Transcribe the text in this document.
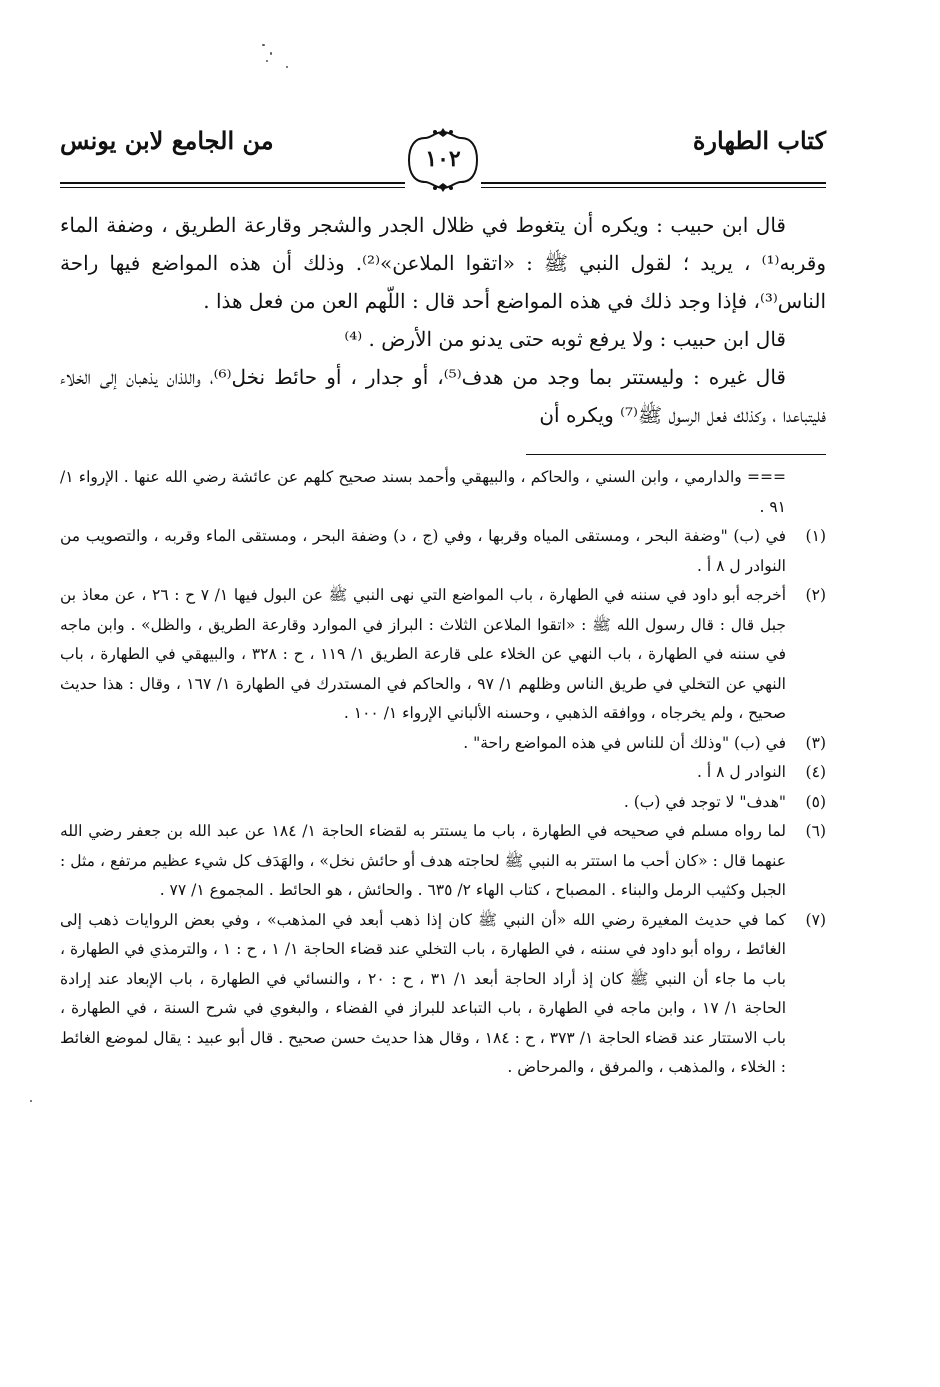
كتاب الطهارة
من الجامع لابن يونس
١٠٢

قال ابن حبيب : ويكره أن يتغوط في ظلال الجدر والشجر وقارعة الطريق ، وضفة الماء وقربه⁽¹⁾ ، يريد ؛ لقول النبي ﷺ : «اتقوا الملاعن»⁽²⁾. وذلك أن هذه المواضع فيها راحة الناس⁽³⁾، فإذا وجد ذلك في هذه المواضع أحد قال : اللّهم العن من فعل هذا .

قال ابن حبيب : ولا يرفع ثوبه حتى يدنو من الأرض . ⁽⁴⁾

قال غيره : وليستتر بما وجد من هدف⁽⁵⁾، أو جدار ، أو حائط نخل⁽⁶⁾، واللذان يذهبان إلى الخلاء فليتباعدا ، وكذلك فعل الرسول ﷺ⁽⁷⁾ ويكره أن

=== والدارمي ، وابن السني ، والحاكم ، والبيهقي وأحمد بسند صحيح كلهم عن عائشة رضي الله عنها . الإرواء ١/ ٩١ .
(١)
في (ب) "وضفة البحر ، ومستقى المياه وقربها ، وفي (ج ، د) وضفة البحر ، ومستقى الماء وقربه ، والتصويب من النوادر ل ٨ أ .
(٢)
أخرجه أبو داود في سننه في الطهارة ، باب المواضع التي نهى النبي ﷺ عن البول فيها ١/ ٧ ح : ٢٦ ، عن معاذ بن جبل قال : قال رسول الله ﷺ : «اتقوا الملاعن الثلاث : البراز في الموارد وقارعة الطريق ، والظل» . وابن ماجه في سننه في الطهارة ، باب النهي عن الخلاء على قارعة الطريق ١/ ١١٩ ، ح : ٣٢٨ ، والبيهقي في الطهارة ، باب النهي عن التخلي في طريق الناس وظلهم ١/ ٩٧ ، والحاكم في المستدرك في الطهارة ١/ ١٦٧ ، وقال : هذا حديث صحيح ، ولم يخرجاه ، ووافقه الذهبي ، وحسنه الألباني الإرواء ١/ ١٠٠ .
(٣)
في (ب) "وذلك أن للناس في هذه المواضع راحة" .
(٤)
النوادر ل ٨ أ .
(٥)
"هدف" لا توجد في (ب) .
(٦)
لما رواه مسلم في صحيحه في الطهارة ، باب ما يستتر به لقضاء الحاجة ١/ ١٨٤ عن عبد الله بن جعفر رضي الله عنهما قال : «كان أحب ما استتر به النبي ﷺ لحاجته هدف أو حائش نخل» ، والهَدَف كل شيء عظيم مرتفع ، مثل : الجبل وكثيب الرمل والبناء . المصباح ، كتاب الهاء ٢/ ٦٣٥ . والحائش ، هو الحائط . المجموع ١/ ٧٧ .
(٧)
كما في حديث المغيرة رضي الله «أن النبي ﷺ كان إذا ذهب أبعد في المذهب» ، وفي بعض الروايات ذهب إلى الغائط ، رواه أبو داود في سننه ، في الطهارة ، باب التخلي عند قضاء الحاجة ١/ ١ ، ح : ١ ، والترمذي في الطهارة ، باب ما جاء أن النبي ﷺ كان إذ أراد الحاجة أبعد ١/ ٣١ ، ح : ٢٠ ، والنسائي في الطهارة ، باب الإبعاد عند إرادة الحاجة ١/ ١٧ ، وابن ماجه في الطهارة ، باب التباعد للبراز في الفضاء ، والبغوي في شرح السنة ، في الطهارة ، باب الاستتار عند قضاء الحاجة ١/ ٣٧٣ ، ح : ١٨٤ ، وقال هذا حديث حسن صحيح . قال أبو عبيد : يقال لموضع الغائط : الخلاء ، والمذهب ، والمرفق ، والمرحاض .
